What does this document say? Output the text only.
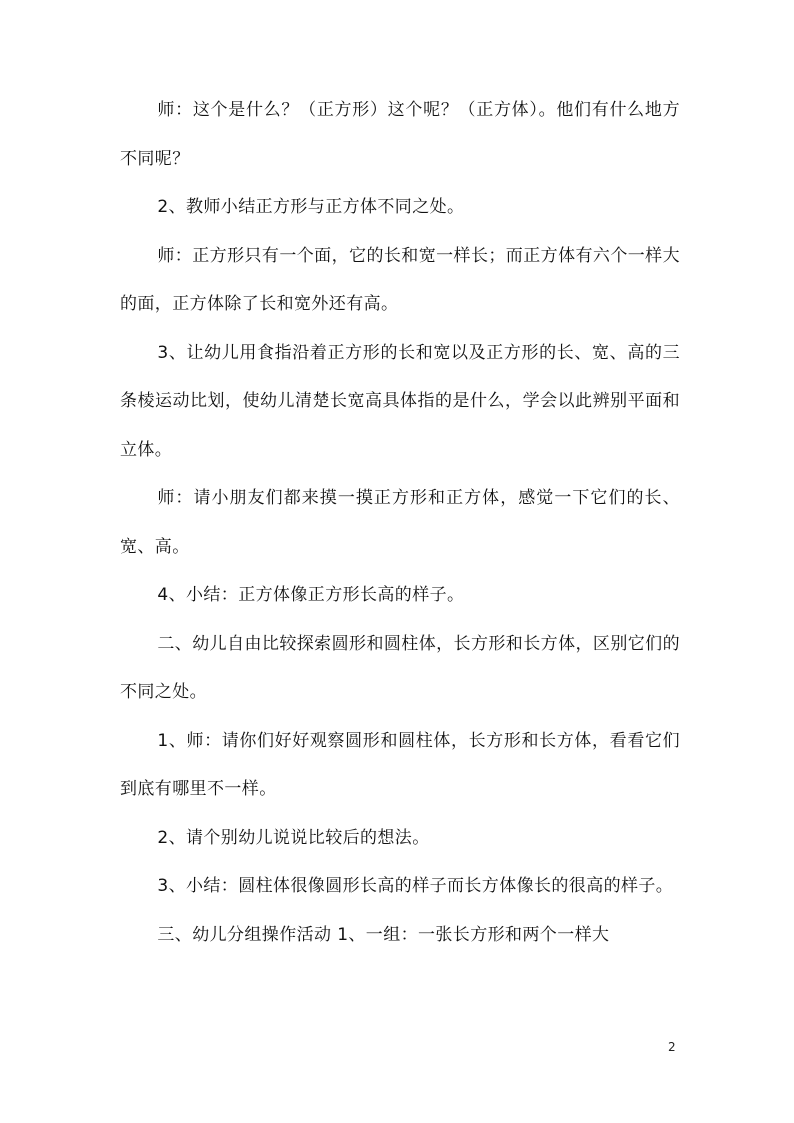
师：这个是什么？（正方形）这个呢？（正方体）。他们有什么地方不同呢？

2、教师小结正方形与正方体不同之处。

师：正方形只有一个面，它的长和宽一样长；而正方体有六个一样大的面，正方体除了长和宽外还有高。

3、让幼儿用食指沿着正方形的长和宽以及正方形的长、宽、高的三条棱运动比划，使幼儿清楚长宽高具体指的是什么，学会以此辨别平面和立体。

师：请小朋友们都来摸一摸正方形和正方体，感觉一下它们的长、宽、高。

4、小结：正方体像正方形长高的样子。

二、幼儿自由比较探索圆形和圆柱体，长方形和长方体，区别它们的不同之处。

1、师：请你们好好观察圆形和圆柱体，长方形和长方体，看看它们到底有哪里不一样。

2、请个别幼儿说说比较后的想法。

3、小结：圆柱体很像圆形长高的样子而长方体像长的很高的样子。

三、幼儿分组操作活动 1、一组：一张长方形和两个一样大

2
